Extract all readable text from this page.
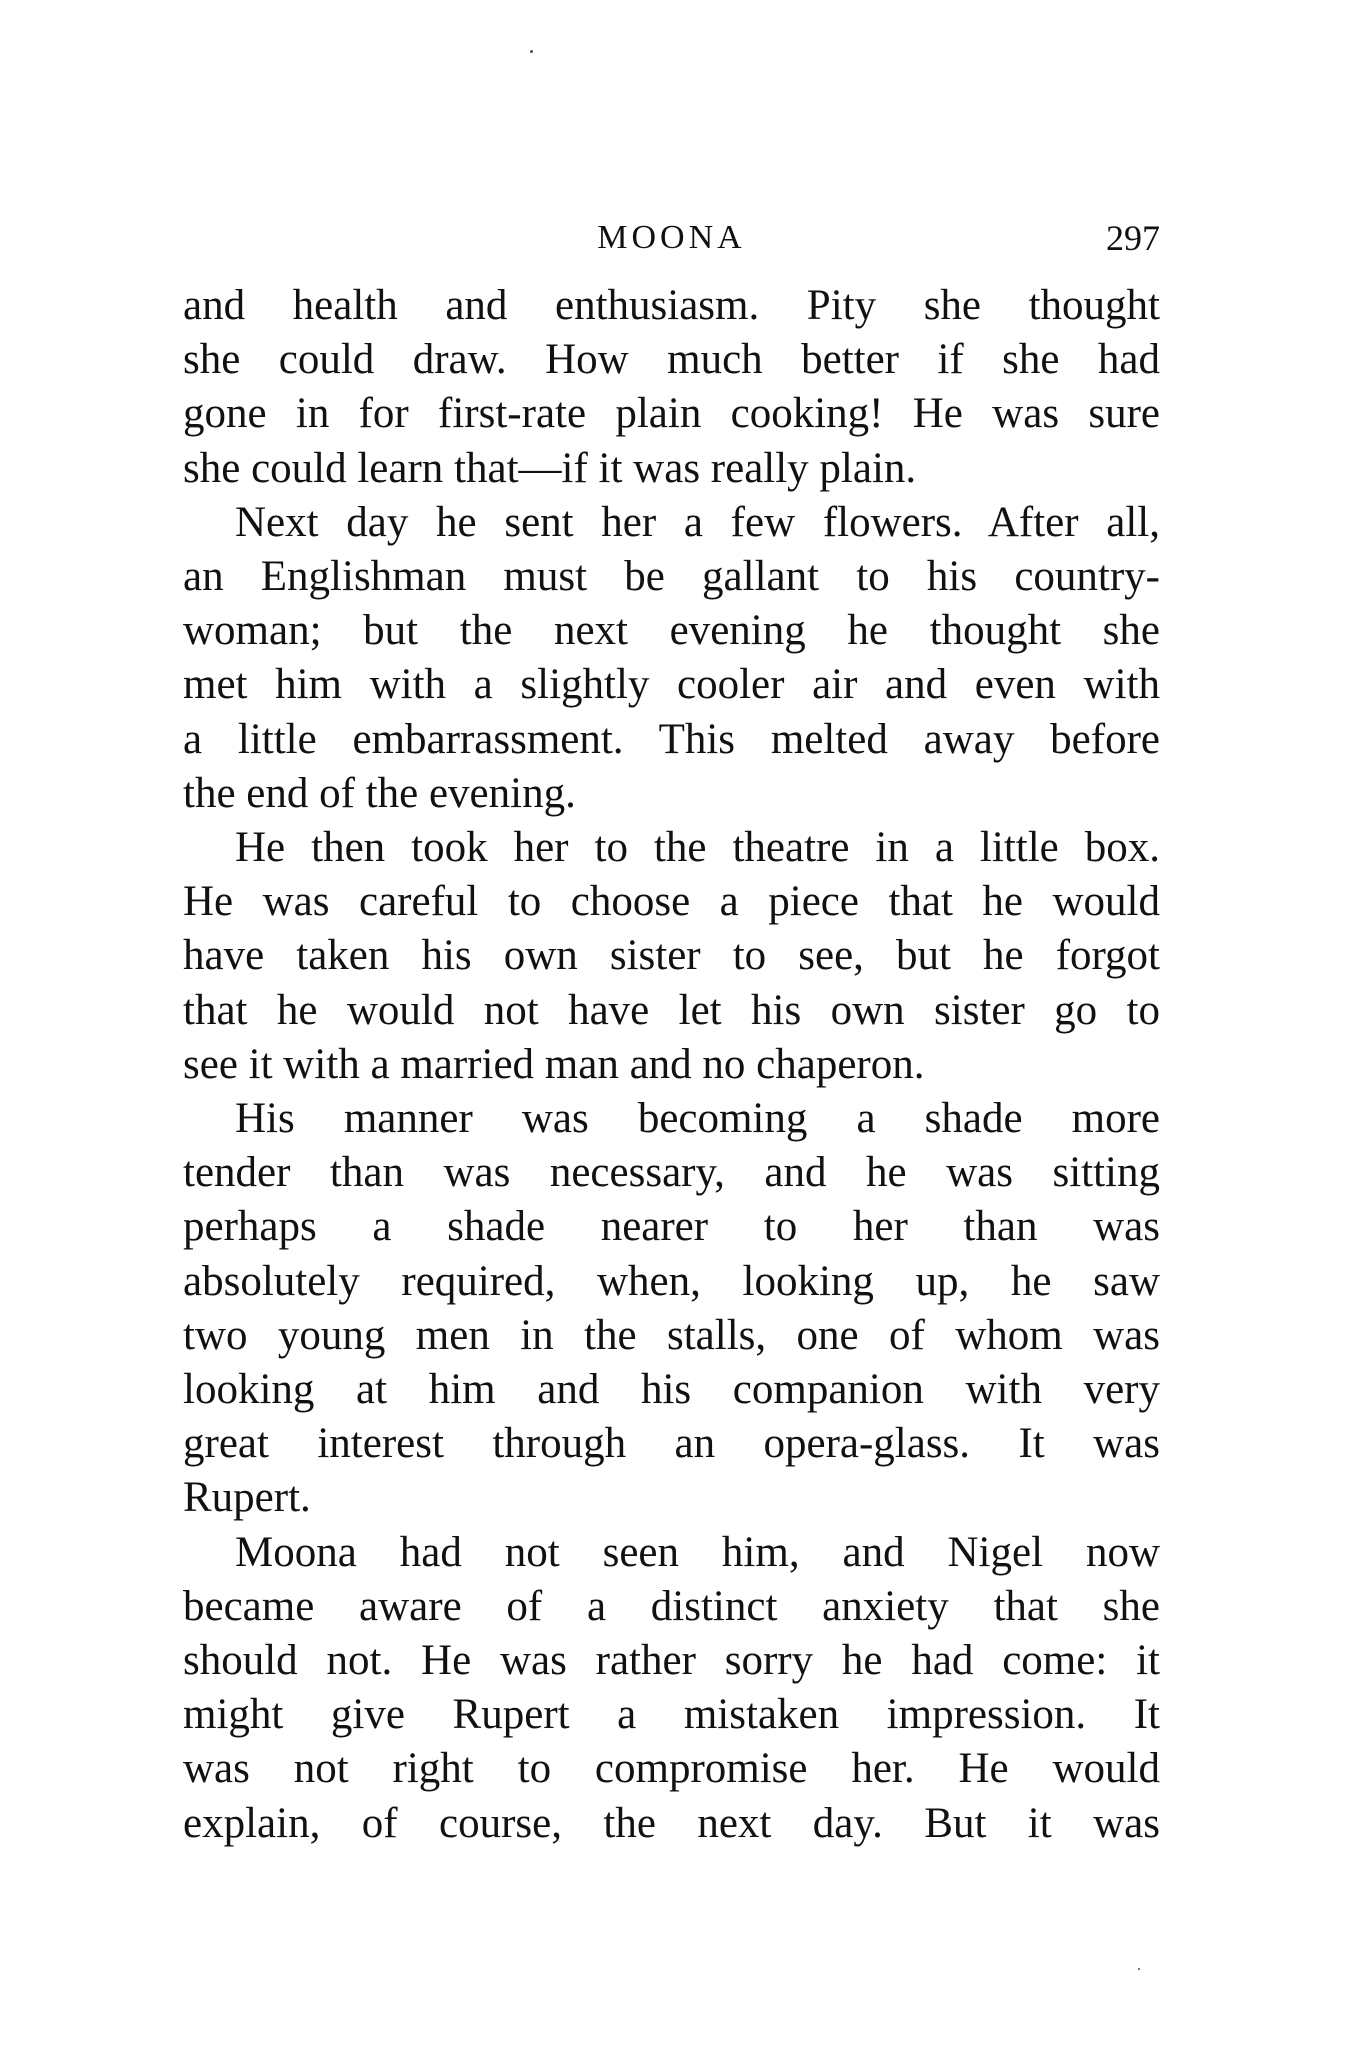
MOONA	297

and health and enthusiasm. Pity she thought

she could draw. How much better if she had

gone in for first-rate plain cooking! He was sure

she could learn that—if it was really plain.

Next day he sent her a few flowers. After all,

an Englishman must be gallant to his country-

woman; but the next evening he thought she

met him with a slightly cooler air and even with

a little embarrassment. This melted away before

the end of the evening.

He then took her to the theatre in a little box.

He was careful to choose a piece that he would

have taken his own sister to see, but he forgot

that he would not have let his own sister go to

see it with a married man and no chaperon.

His manner was becoming a shade more

tender than was necessary, and he was sitting

perhaps a shade nearer to her than was

absolutely required, when, looking up, he saw

two young men in the stalls, one of whom was

looking at him and his companion with very

great interest through an opera-glass. It was

Rupert.

Moona had not seen him, and Nigel now

became aware of a distinct anxiety that she

should not. He was rather sorry he had come: it

might give Rupert a mistaken impression. It

was not right to compromise her. He would

explain, of course, the next day. But it was
